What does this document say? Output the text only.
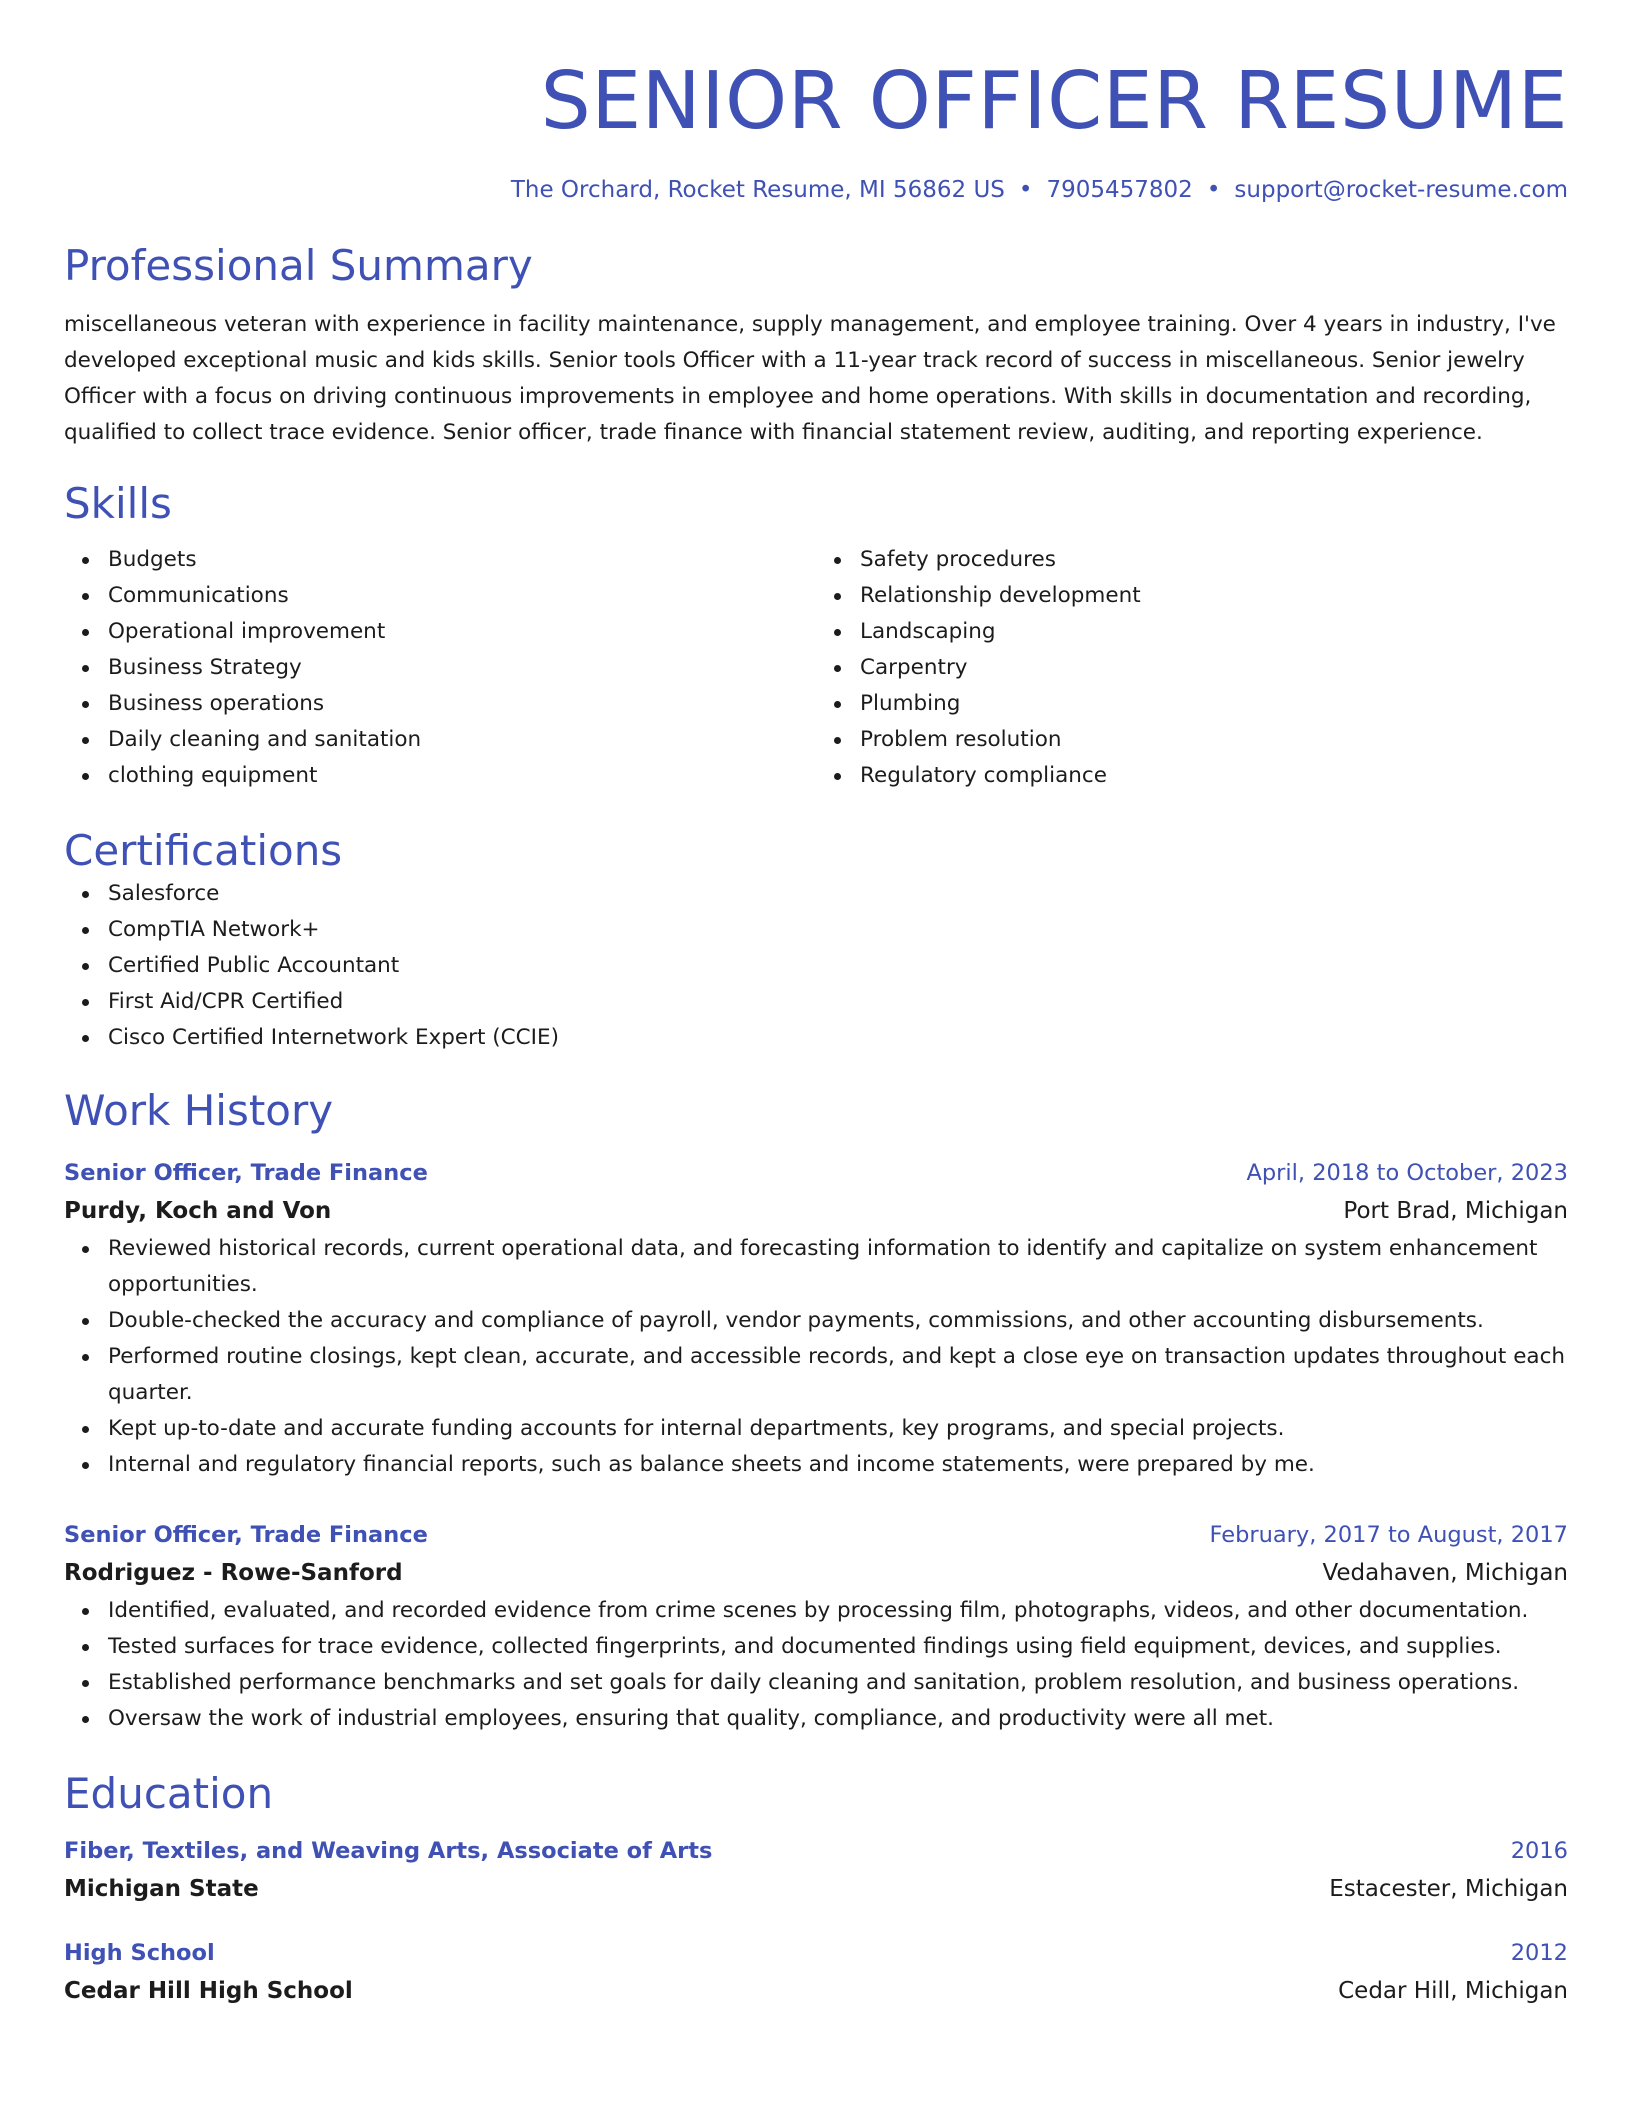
SENIOR OFFICER RESUME
The Orchard, Rocket Resume, MI 56862 US • 7905457802 • support@rocket-resume.com
Professional Summary
miscellaneous veteran with experience in facility maintenance, supply management, and employee training. Over 4 years in industry, I've developed exceptional music and kids skills. Senior tools Officer with a 11-year track record of success in miscellaneous. Senior jewelry Officer with a focus on driving continuous improvements in employee and home operations. With skills in documentation and recording, qualified to collect trace evidence. Senior officer, trade finance with financial statement review, auditing, and reporting experience.
Skills
Budgets
Communications
Operational improvement
Business Strategy
Business operations
Daily cleaning and sanitation
clothing equipment
Safety procedures
Relationship development
Landscaping
Carpentry
Plumbing
Problem resolution
Regulatory compliance
Certifications
Salesforce
CompTIA Network+
Certified Public Accountant
First Aid/CPR Certified
Cisco Certified Internetwork Expert (CCIE)
Work History
Senior Officer, Trade Finance	April, 2018 to October, 2023
Purdy, Koch and Von	Port Brad, Michigan
Reviewed historical records, current operational data, and forecasting information to identify and capitalize on system enhancement opportunities.
Double-checked the accuracy and compliance of payroll, vendor payments, commissions, and other accounting disbursements.
Performed routine closings, kept clean, accurate, and accessible records, and kept a close eye on transaction updates throughout each quarter.
Kept up-to-date and accurate funding accounts for internal departments, key programs, and special projects.
Internal and regulatory financial reports, such as balance sheets and income statements, were prepared by me.
Senior Officer, Trade Finance	February, 2017 to August, 2017
Rodriguez - Rowe-Sanford	Vedahaven, Michigan
Identified, evaluated, and recorded evidence from crime scenes by processing film, photographs, videos, and other documentation.
Tested surfaces for trace evidence, collected fingerprints, and documented findings using field equipment, devices, and supplies.
Established performance benchmarks and set goals for daily cleaning and sanitation, problem resolution, and business operations.
Oversaw the work of industrial employees, ensuring that quality, compliance, and productivity were all met.
Education
Fiber, Textiles, and Weaving Arts, Associate of Arts	2016
Michigan State	Estacester, Michigan
High School	2012
Cedar Hill High School	Cedar Hill, Michigan
